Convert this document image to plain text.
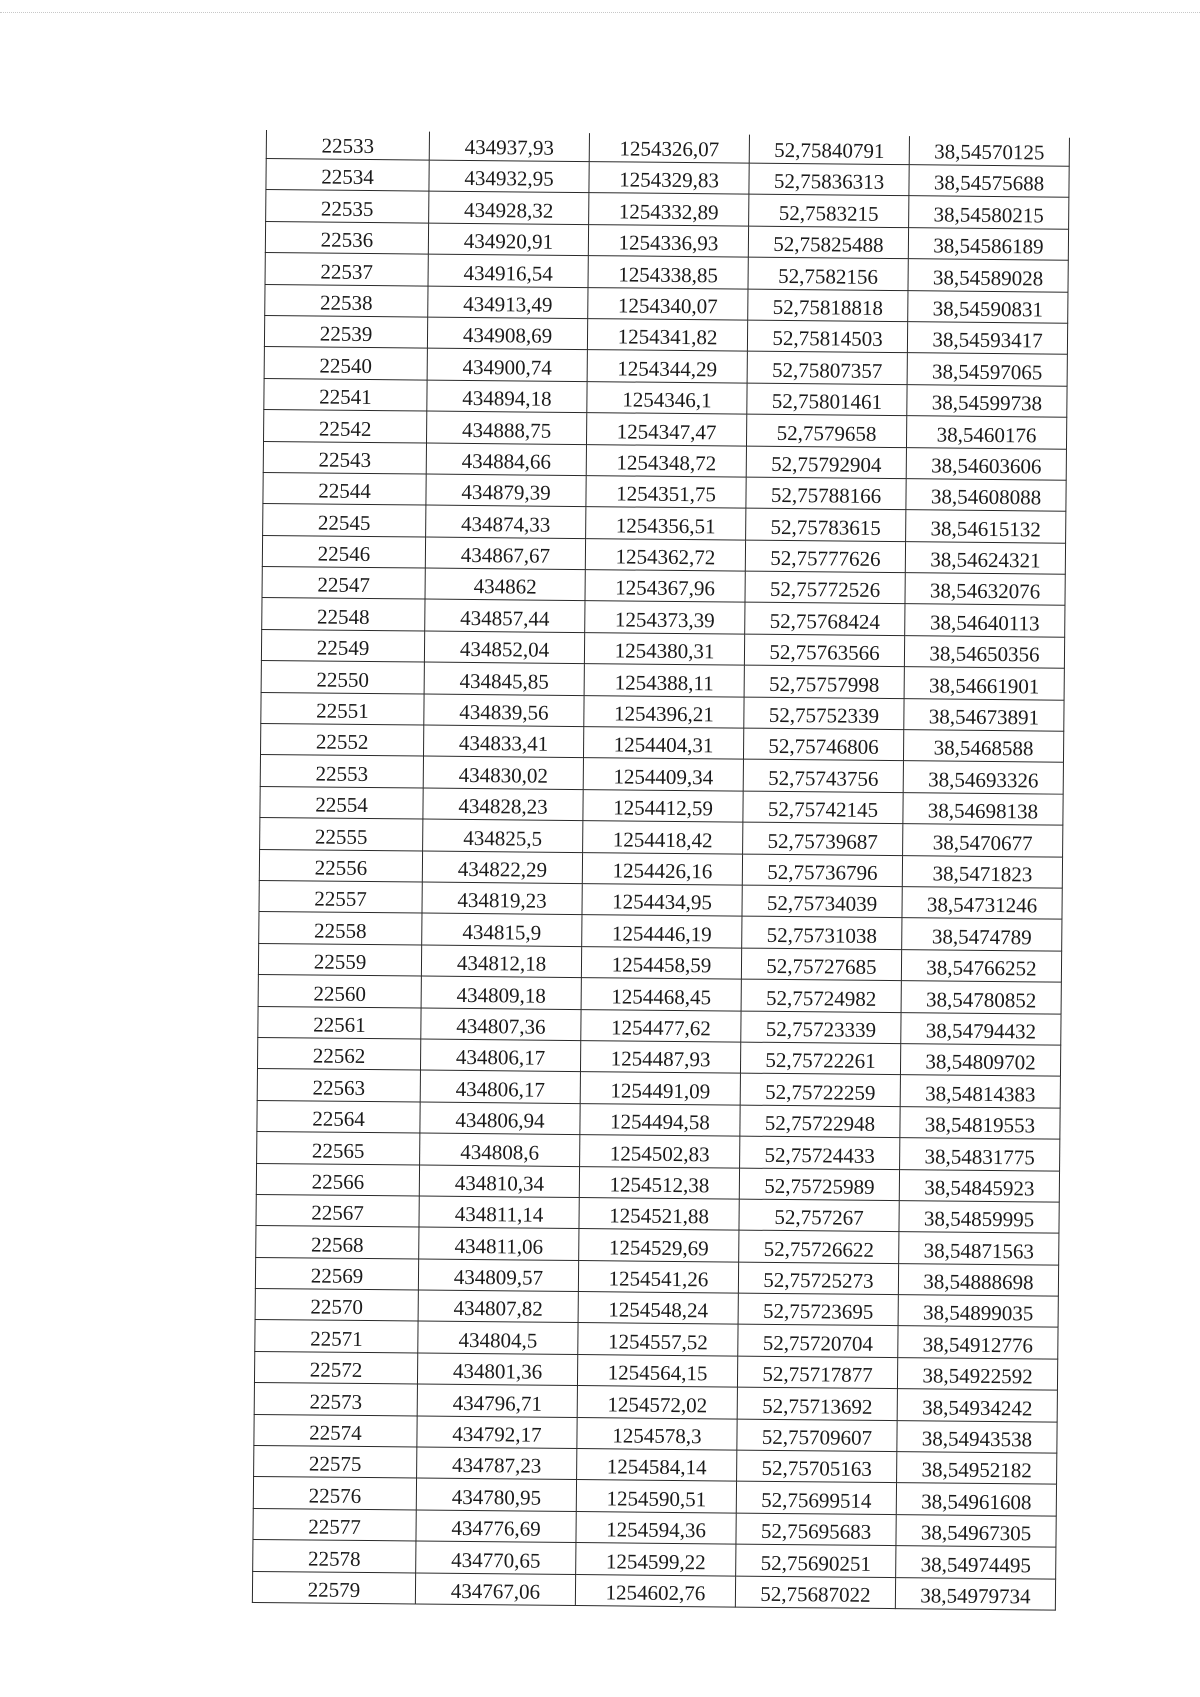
22533	434937,93	1254326,07	52,75840791	38,54570125
22534	434932,95	1254329,83	52,75836313	38,54575688
22535	434928,32	1254332,89	52,7583215	38,54580215
22536	434920,91	1254336,93	52,75825488	38,54586189
22537	434916,54	1254338,85	52,7582156	38,54589028
22538	434913,49	1254340,07	52,75818818	38,54590831
22539	434908,69	1254341,82	52,75814503	38,54593417
22540	434900,74	1254344,29	52,75807357	38,54597065
22541	434894,18	1254346,1	52,75801461	38,54599738
22542	434888,75	1254347,47	52,7579658	38,5460176
22543	434884,66	1254348,72	52,75792904	38,54603606
22544	434879,39	1254351,75	52,75788166	38,54608088
22545	434874,33	1254356,51	52,75783615	38,54615132
22546	434867,67	1254362,72	52,75777626	38,54624321
22547	434862	1254367,96	52,75772526	38,54632076
22548	434857,44	1254373,39	52,75768424	38,54640113
22549	434852,04	1254380,31	52,75763566	38,54650356
22550	434845,85	1254388,11	52,75757998	38,54661901
22551	434839,56	1254396,21	52,75752339	38,54673891
22552	434833,41	1254404,31	52,75746806	38,5468588
22553	434830,02	1254409,34	52,75743756	38,54693326
22554	434828,23	1254412,59	52,75742145	38,54698138
22555	434825,5	1254418,42	52,75739687	38,5470677
22556	434822,29	1254426,16	52,75736796	38,5471823
22557	434819,23	1254434,95	52,75734039	38,54731246
22558	434815,9	1254446,19	52,75731038	38,5474789
22559	434812,18	1254458,59	52,75727685	38,54766252
22560	434809,18	1254468,45	52,75724982	38,54780852
22561	434807,36	1254477,62	52,75723339	38,54794432
22562	434806,17	1254487,93	52,75722261	38,54809702
22563	434806,17	1254491,09	52,75722259	38,54814383
22564	434806,94	1254494,58	52,75722948	38,54819553
22565	434808,6	1254502,83	52,75724433	38,54831775
22566	434810,34	1254512,38	52,75725989	38,54845923
22567	434811,14	1254521,88	52,757267	38,54859995
22568	434811,06	1254529,69	52,75726622	38,54871563
22569	434809,57	1254541,26	52,75725273	38,54888698
22570	434807,82	1254548,24	52,75723695	38,54899035
22571	434804,5	1254557,52	52,75720704	38,54912776
22572	434801,36	1254564,15	52,75717877	38,54922592
22573	434796,71	1254572,02	52,75713692	38,54934242
22574	434792,17	1254578,3	52,75709607	38,54943538
22575	434787,23	1254584,14	52,75705163	38,54952182
22576	434780,95	1254590,51	52,75699514	38,54961608
22577	434776,69	1254594,36	52,75695683	38,54967305
22578	434770,65	1254599,22	52,75690251	38,54974495
22579	434767,06	1254602,76	52,75687022	38,54979734
